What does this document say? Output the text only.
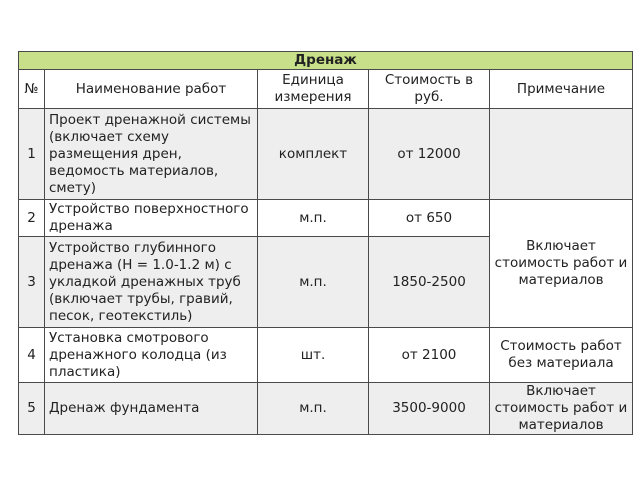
Дренаж				
№	Наименование работ	Единица измерения	Стоимость в руб.	Примечание
1	Проект дренажной системы (включает схему размещения дрен, ведомость материалов, смету)	комплект	от 12000	
2	Устройство поверхностного дренажа	м.п.	от 650	Включает стоимость работ и материалов
3	Устройство глубинного дренажа (Н = 1.0-1.2 м) с укладкой дренажных труб (включает трубы, гравий, песок, геотекстиль)	м.п.	1850-2500	
4	Установка смотрового дренажного колодца (из пластика)	шт.	от 2100	Стоимость работ без материала
5	Дренаж фундамента	м.п.	3500-9000	Включает стоимость работ и материалов
